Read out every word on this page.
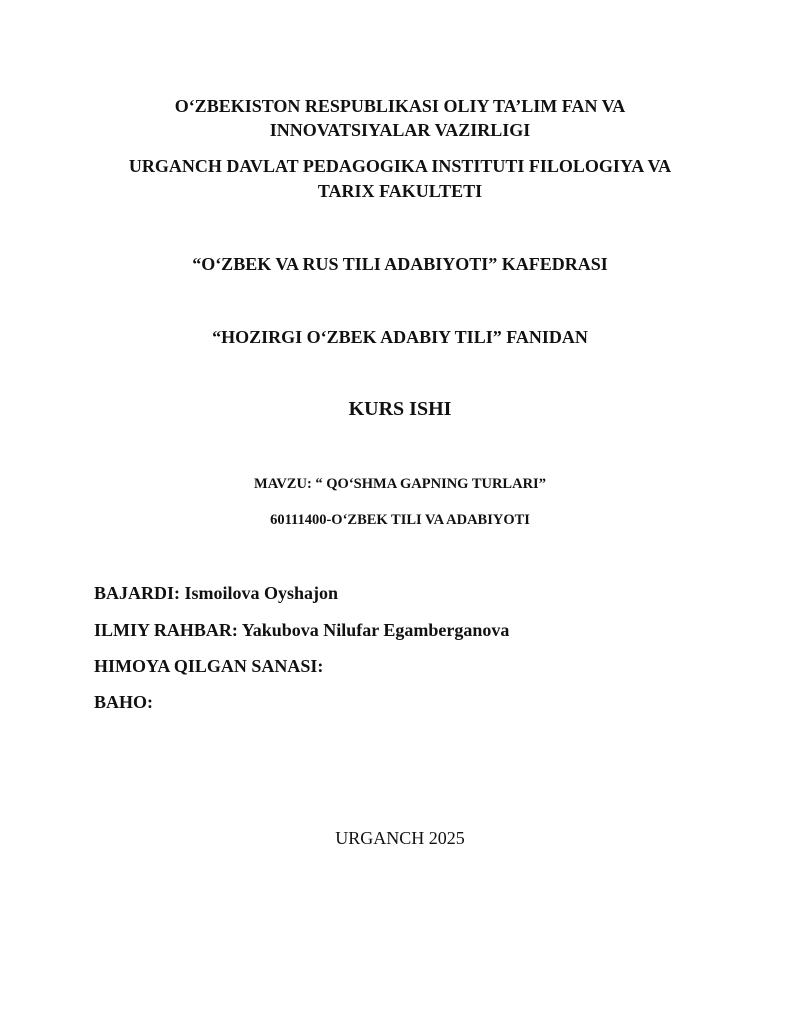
O‘ZBEKISTON RESPUBLIKASI OLIY TA’LIM FAN VA
INNOVATSIYALAR VAZIRLIGI
URGANCH DAVLAT PEDAGOGIKA INSTITUTI FILOLOGIYA VA
TARIX FAKULTETI
“O‘ZBEK VA RUS TILI ADABIYOTI” KAFEDRASI
“HOZIRGI O‘ZBEK ADABIY TILI” FANIDAN
KURS ISHI
MAVZU: “ QO‘SHMA GAPNING TURLARI”
60111400-O‘ZBEK TILI VA ADABIYOTI
BAJARDI: Ismoilova Oyshajon
ILMIY RAHBAR: Yakubova Nilufar Egamberganova
HIMOYA QILGAN SANASI:
BAHO:
URGANCH 2025
